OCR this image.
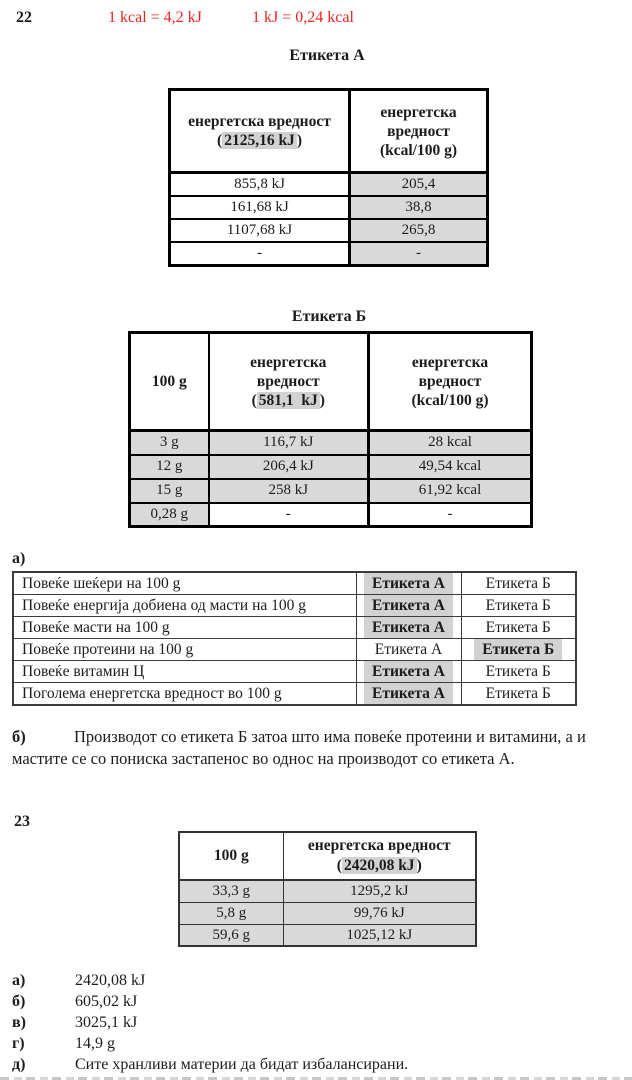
22	1 kcal = 4,2 kJ	1 kJ = 0,24 kcal
Етикета А
енергетска вредност
( 2125,16 kJ )

енергетска
вредност
(kcal/100 g)

855,8 kJ	205,4
161,68 kJ	38,8
1107,68 kJ	265,8
-	-
Етикета Б
100 g	
енергетска
вредност
( 581,1  kJ )

енергетска
вредност
(kcal/100 g)

3 g	116,7 kJ	28 kcal
12 g	206,4 kJ	49,54 kcal
15 g	258 kJ	61,92 kcal
0,28 g	-	-
а)
Повеќе шеќери на 100 g	Етикета А	Етикета Б
Повеќе енергија добиена од масти на 100 g	Етикета А	Етикета Б
Повеќе масти на 100 g	Етикета А	Етикета Б
Повеќе протеини на 100 g	Етикета А	Етикета Б
Повеќе витамин Ц	Етикета А	Етикета Б
Поголема енергетска вредност во 100 g	Етикета А	Етикета Б

б)	Производот со етикета Б затоа што има повеќе протеини и витамини, а и мастите се со пониска застапенос во однос на производот со етикета А.

23
100 g	енергетска вредност
( 2420,08 kJ )

33,3 g	1295,2 kJ
5,8 g	99,76 kJ
59,6 g	1025,12 kJ
а)	2420,08 kJ
б)	605,02 kJ
в)	3025,1 kJ
г)	14,9 g
д)	Сите хранливи материи да бидат избалансирани.
